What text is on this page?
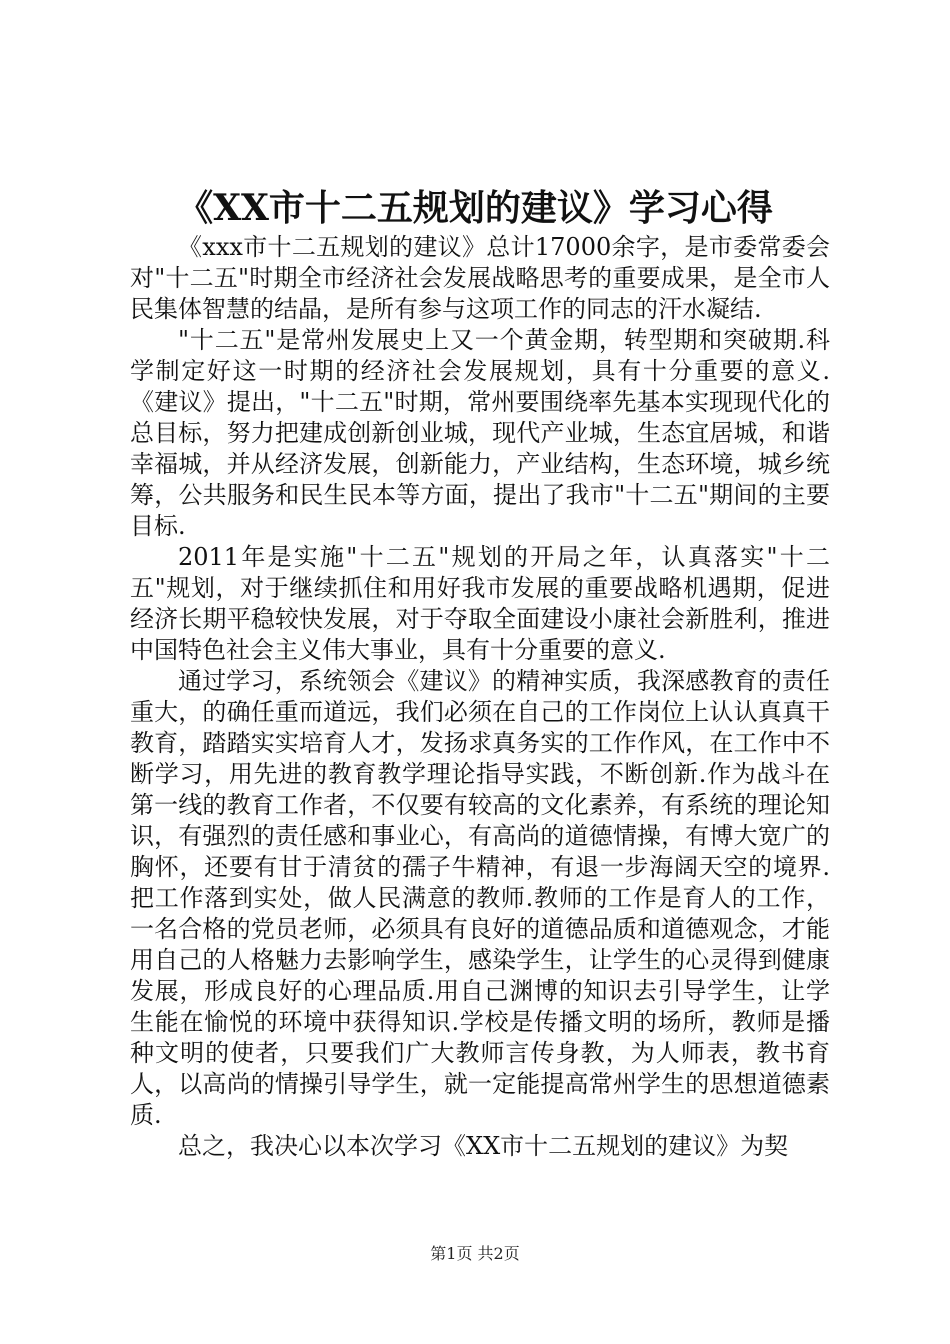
《XX市十二五规划的建议》学习心得

《xxx市十二五规划的建议》总计17000余字，是市委常委会对"十二五"时期全市经济社会发展战略思考的重要成果，是全市人民集体智慧的结晶，是所有参与这项工作的同志的汗水凝结.

"十二五"是常州发展史上又一个黄金期，转型期和突破期.科学制定好这一时期的经济社会发展规划，具有十分重要的意义.《建议》提出，"十二五"时期，常州要围绕率先基本实现现代化的总目标，努力把建成创新创业城，现代产业城，生态宜居城，和谐幸福城，并从经济发展，创新能力，产业结构，生态环境，城乡统筹，公共服务和民生民本等方面，提出了我市"十二五"期间的主要目标.

2011年是实施"十二五"规划的开局之年，认真落实"十二五"规划，对于继续抓住和用好我市发展的重要战略机遇期，促进经济长期平稳较快发展，对于夺取全面建设小康社会新胜利，推进中国特色社会主义伟大事业，具有十分重要的意义.

通过学习，系统领会《建议》的精神实质，我深感教育的责任重大，的确任重而道远，我们必须在自己的工作岗位上认认真真干教育，踏踏实实培育人才，发扬求真务实的工作作风，在工作中不断学习，用先进的教育教学理论指导实践，不断创新.作为战斗在第一线的教育工作者，不仅要有较高的文化素养，有系统的理论知识，有强烈的责任感和事业心，有高尚的道德情操，有博大宽广的胸怀，还要有甘于清贫的孺子牛精神，有退一步海阔天空的境界.把工作落到实处，做人民满意的教师.教师的工作是育人的工作，一名合格的党员老师，必须具有良好的道德品质和道德观念，才能用自己的人格魅力去影响学生，感染学生，让学生的心灵得到健康发展，形成良好的心理品质.用自己渊博的知识去引导学生，让学生能在愉悦的环境中获得知识.学校是传播文明的场所，教师是播种文明的使者，只要我们广大教师言传身教，为人师表，教书育人，以高尚的情操引导学生，就一定能提高常州学生的思想道德素质.

总之，我决心以本次学习《XX市十二五规划的建议》为契

第1页 共2页
